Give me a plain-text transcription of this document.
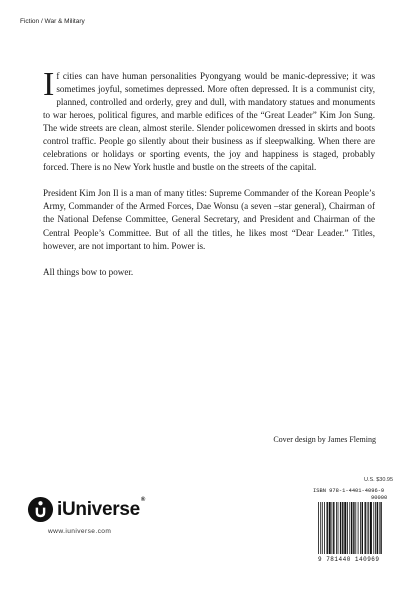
Fiction / War & Military

If cities can have human personalities Pyongyang would be manic-depressive; it was sometimes joyful, sometimes depressed. More often depressed. It is a communist city, planned, controlled and orderly, grey and dull, with mandatory statues and monuments to war heroes, political figures, and marble edifices of the “Great Leader” Kim Jon Sung. The wide streets are clean, almost sterile. Slender policewomen dressed in skirts and boots control traffic. People go silently about their business as if sleepwalking. When there are celebrations or holidays or sporting events, the joy and happiness is staged, probably forced. There is no New York hustle and bustle on the streets of the capital.

President Kim Jon Il is a man of many titles: Supreme Commander of the Korean People’s Army, Commander of the Armed Forces, Dae Wonsu (a seven –star general), Chairman of the National Defense Committee, General Secretary, and President and Chairman of the Central People’s Committee. But of all the titles, he likes most “Dear Leader.” Titles, however, are not important to him. Power is.

All things bow to power.

Cover design by James Fleming
U.S. $30.95
ISBN 978-1-4401-4096-9
90000
9 781440 140969
iUniverse®
www.iuniverse.com
